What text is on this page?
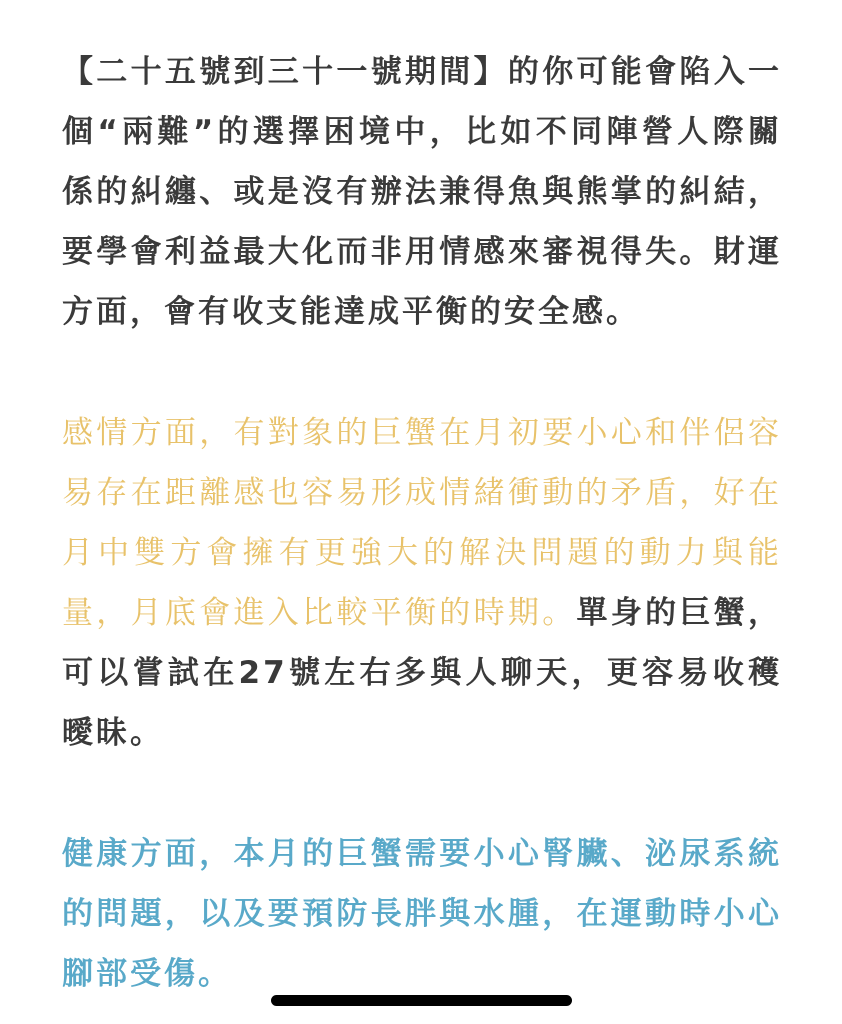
【二十五號到三十一號期間】的你可能會陷入一個“兩難”的選擇困境中，比如不同陣營人際關係的糾纏、或是沒有辦法兼得魚與熊掌的糾結，要學會利益最大化而非用情感來審視得失。財運方面，會有收支能達成平衡的安全感。

感情方面，有對象的巨蟹在月初要小心和伴侶容易存在距離感也容易形成情緒衝動的矛盾，好在月中雙方會擁有更強大的解決問題的動力與能量，月底會進入比較平衡的時期。單身的巨蟹，可以嘗試在27號左右多與人聊天，更容易收穫曖昧。

健康方面，本月的巨蟹需要小心腎臟、泌尿系統的問題，以及要預防長胖與水腫，在運動時小心腳部受傷。
